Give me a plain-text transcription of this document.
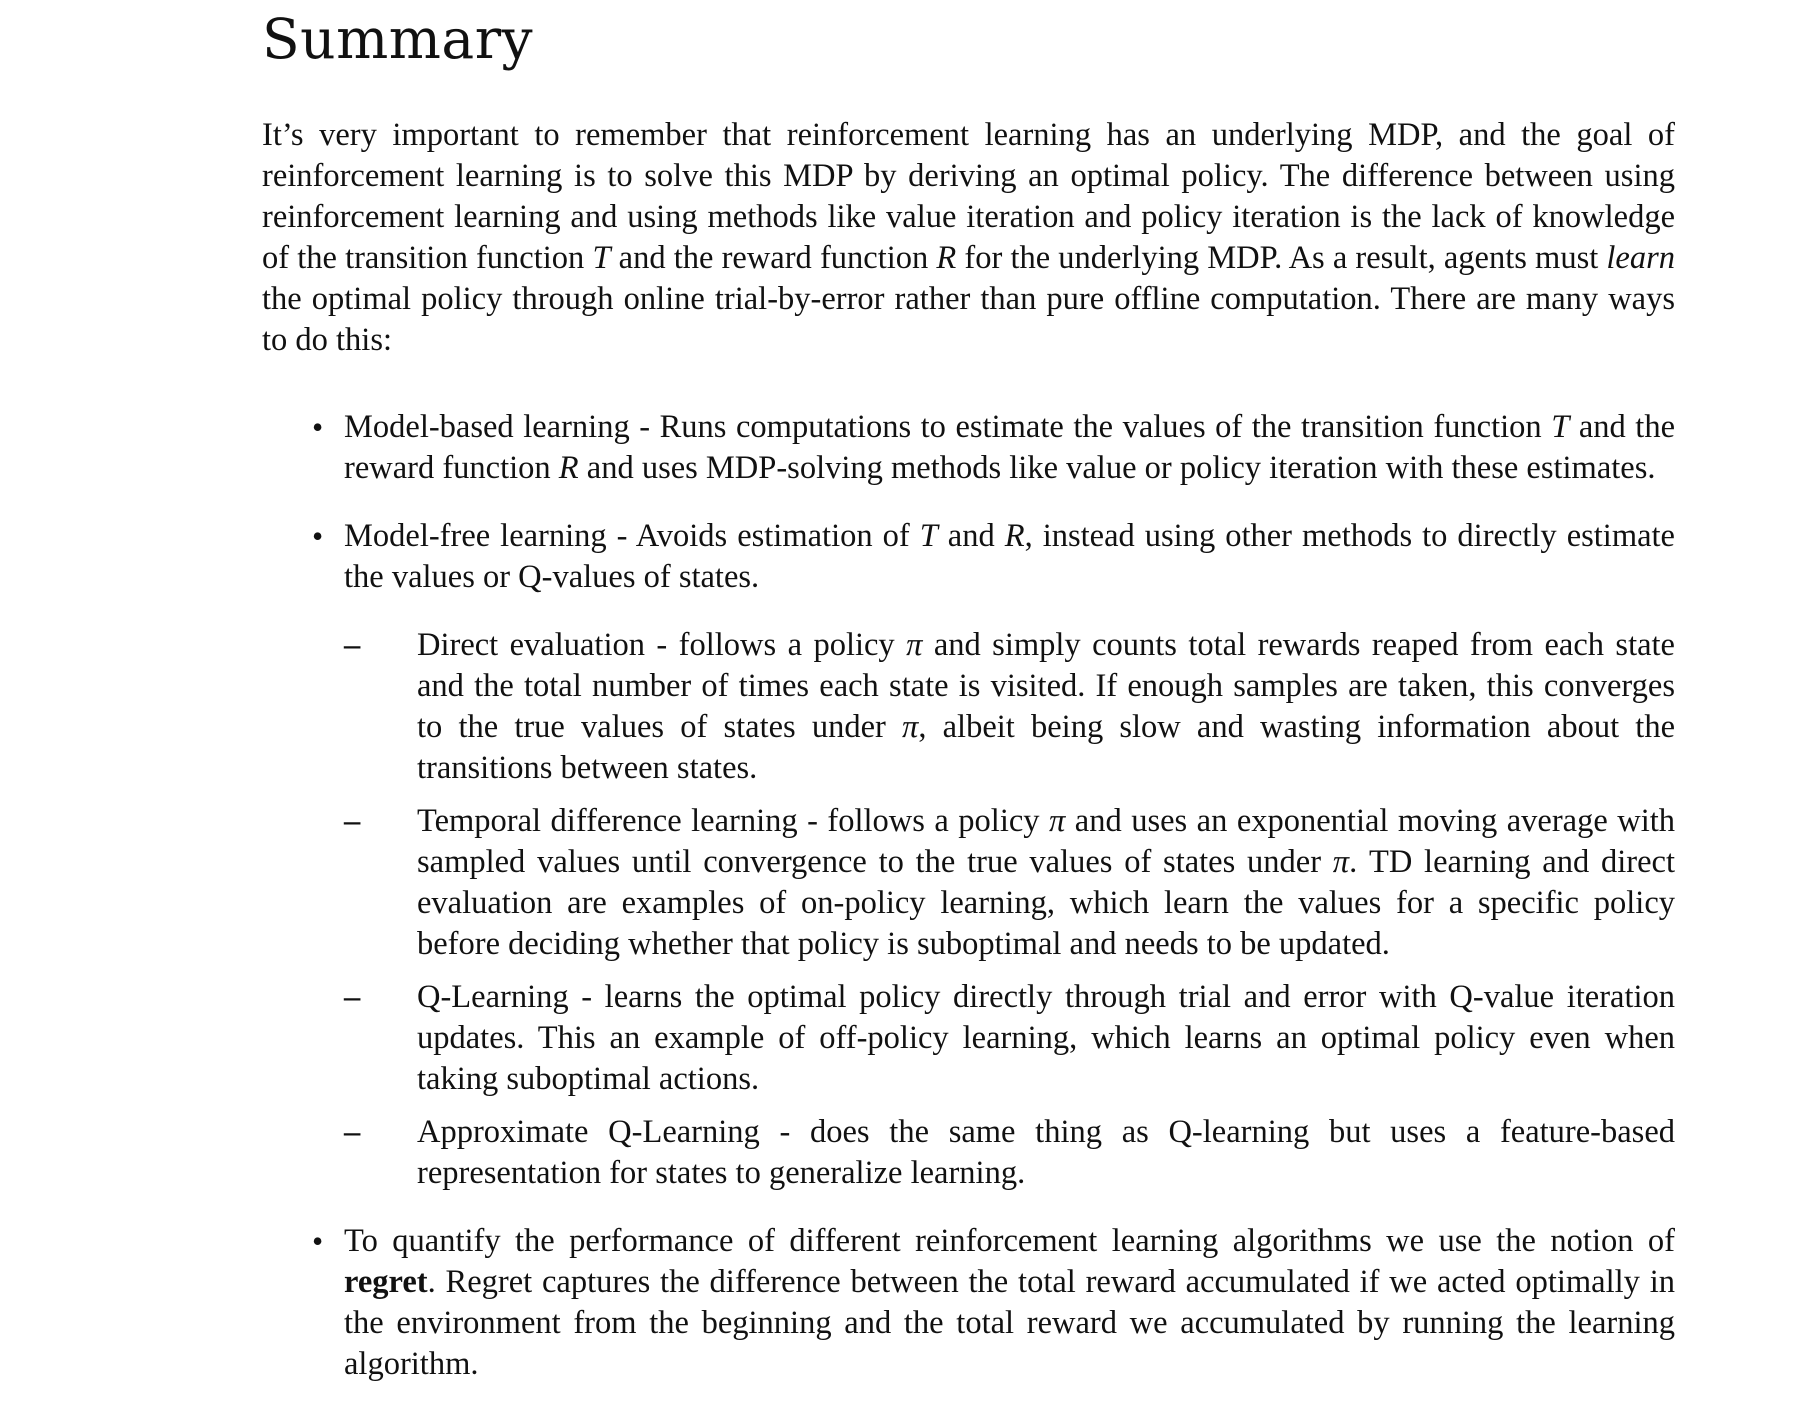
Summary

It’s very important to remember that reinforcement learning has an underlying MDP, and the goal of reinforcement learning is to solve this MDP by deriving an optimal policy. The difference between using reinforcement learning and using methods like value iteration and policy iteration is the lack of knowledge of the transition function T and the reward function R for the underlying MDP. As a result, agents must learn the optimal policy through online trial-by-error rather than pure offline computation. There are many ways to do this:

• Model-based learning - Runs computations to estimate the values of the transition function T and the reward function R and uses MDP-solving methods like value or policy iteration with these estimates.
• Model-free learning - Avoids estimation of T and R, instead using other methods to directly estimate the values or Q-values of states.
– Direct evaluation - follows a policy π and simply counts total rewards reaped from each state and the total number of times each state is visited. If enough samples are taken, this converges to the true values of states under π, albeit being slow and wasting information about the transitions between states.
– Temporal difference learning - follows a policy π and uses an exponential moving average with sampled values until convergence to the true values of states under π. TD learning and direct evaluation are examples of on-policy learning, which learn the values for a specific policy before deciding whether that policy is suboptimal and needs to be updated.
– Q-Learning - learns the optimal policy directly through trial and error with Q-value iteration updates. This an example of off-policy learning, which learns an optimal policy even when taking suboptimal actions.
– Approximate Q-Learning - does the same thing as Q-learning but uses a feature-based representation for states to generalize learning.
• To quantify the performance of different reinforcement learning algorithms we use the notion of regret. Regret captures the difference between the total reward accumulated if we acted optimally in the environment from the beginning and the total reward we accumulated by running the learning algorithm.
